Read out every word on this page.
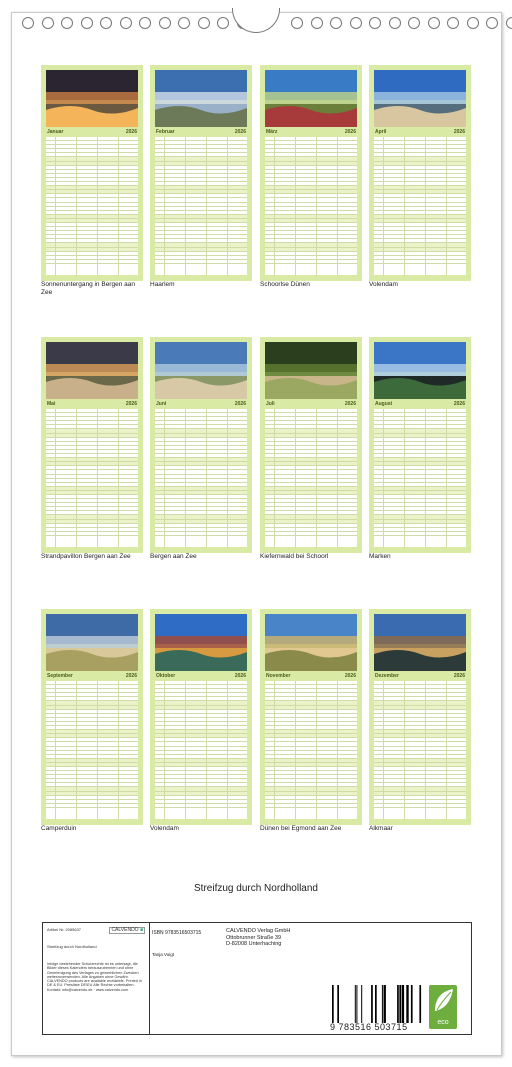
Januar	2026
Sonnenuntergang in Bergen aan Zee
Februar	2026
Haarlem
März	2026
Schoorlse Dünen
April	2026
Volendam
Mai	2026
Strandpavillon Bergen aan Zee
Juni	2026
Bergen aan Zee
Juli	2026
Kiefernwald bei Schoorl
August	2026
Marken
September	2026
Camperduin
Oktober	2026
Volendam
November	2026
Dünen bei Egmond aan Zee
Dezember	2026
Alkmaar
Streifzug durch Nordholland
Artikel Nr. 2085637	CALVENDO ■
Streifzug durch Nordholland
Infolge bestehender Schutzrechte ist es untersagt, die Bilder dieses Kalenders herauszutrennen und ohne Genehmigung des Verlages zu gewerblichen Zwecken weiterzuverwenden. Alle Angaben ohne Gewähr. CALVENDO products are available worldwide. Printed in DE & EU. Preisliste DE/EU Alle Rechte vorbehalten. Kontakt: info@calvendo.de · www.calvendo.com
ISBN 9783516503715
Tanja Voigt
CALVENDO Verlag GmbH
Ottobrunner Straße 39
D-82008 Unterhaching
9 783516 503715	eco
